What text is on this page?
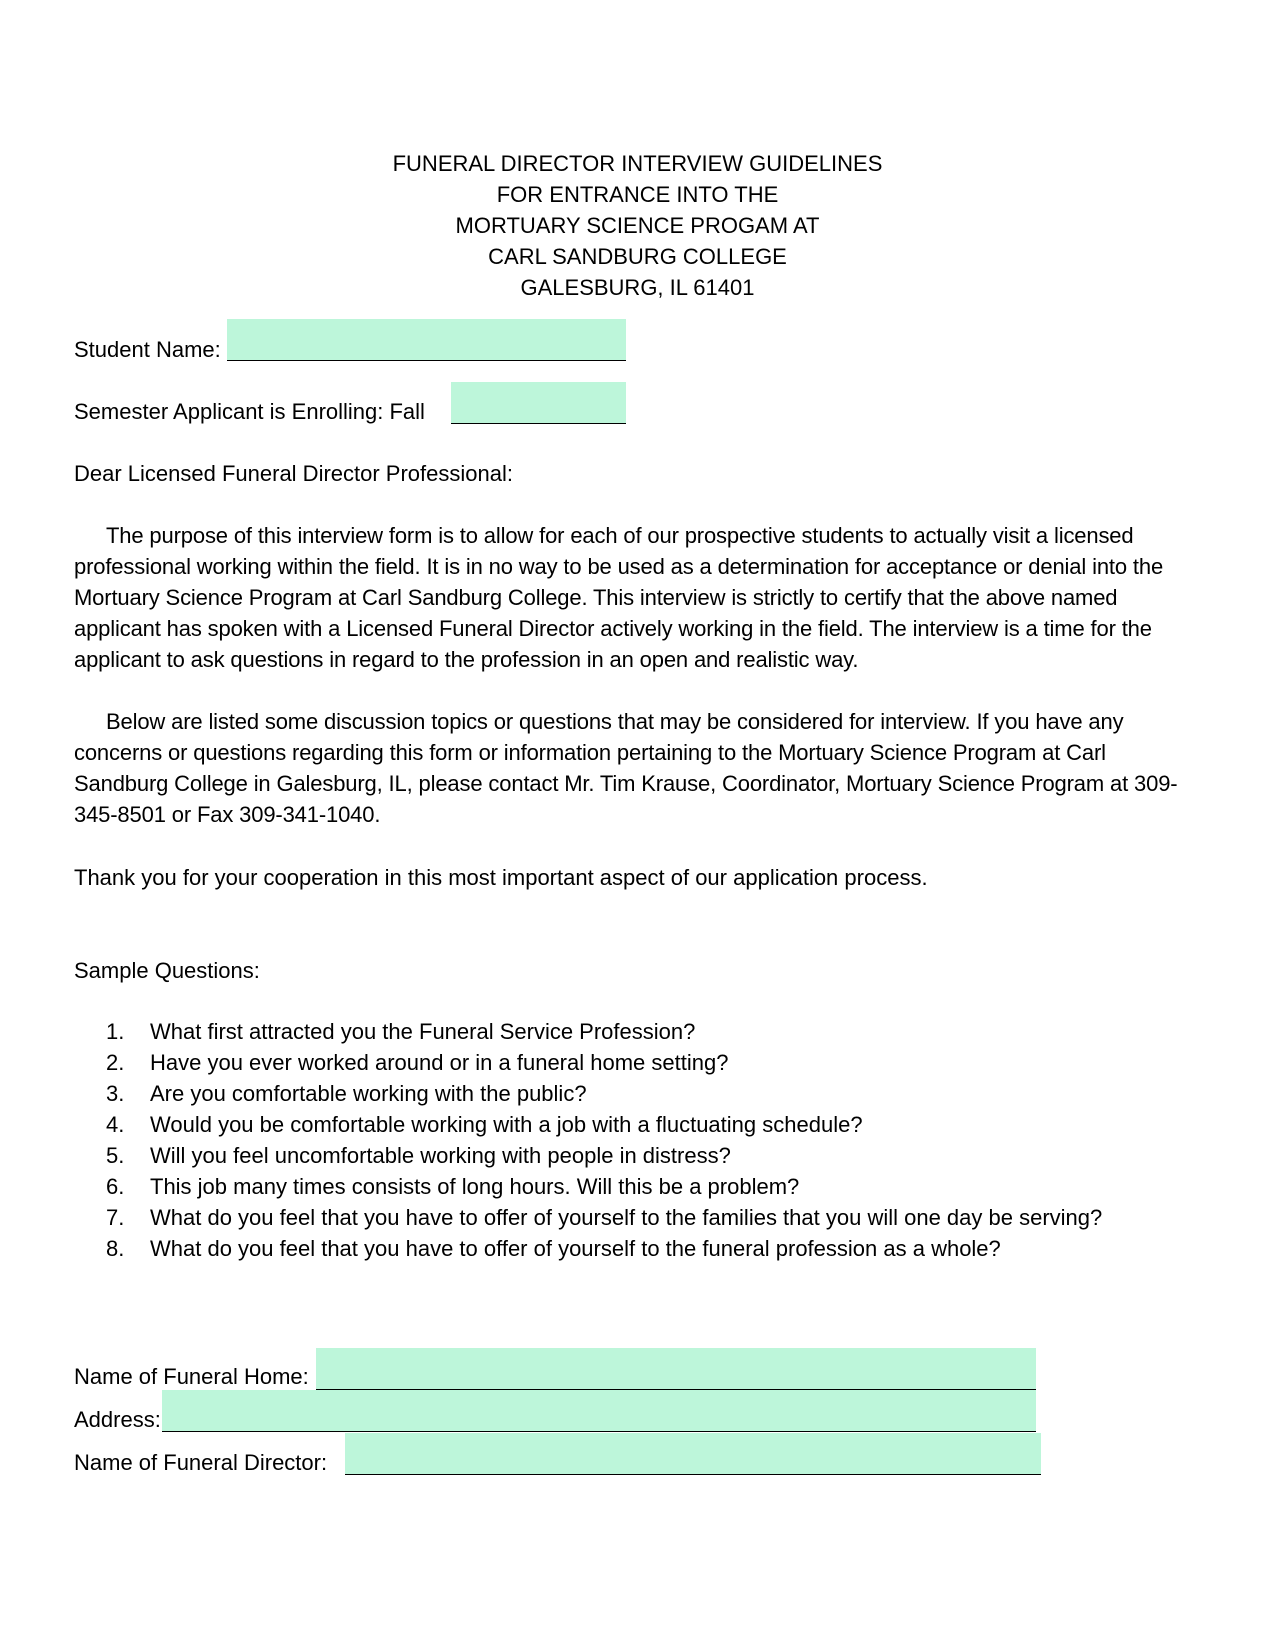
FUNERAL DIRECTOR INTERVIEW GUIDELINES
FOR ENTRANCE INTO THE
MORTUARY SCIENCE PROGAM AT
CARL SANDBURG COLLEGE
GALESBURG, IL 61401
Student Name:
Semester Applicant is Enrolling: Fall
Dear Licensed Funeral Director Professional:
The purpose of this interview form is to allow for each of our prospective students to actually visit a licensed professional working within the field. It is in no way to be used as a determination for acceptance or denial into the Mortuary Science Program at Carl Sandburg College. This interview is strictly to certify that the above named applicant has spoken with a Licensed Funeral Director actively working in the field. The interview is a time for the applicant to ask questions in regard to the profession in an open and realistic way.
Below are listed some discussion topics or questions that may be considered for interview. If you have any concerns or questions regarding this form or information pertaining to the Mortuary Science Program at Carl Sandburg College in Galesburg, IL, please contact Mr. Tim Krause, Coordinator, Mortuary Science Program at 309-345-8501 or Fax 309-341-1040.
Thank you for your cooperation in this most important aspect of our application process.
Sample Questions:
1.	What first attracted you the Funeral Service Profession?
2.	Have you ever worked around or in a funeral home setting?
3.	Are you comfortable working with the public?
4.	Would you be comfortable working with a job with a fluctuating schedule?
5.	Will you feel uncomfortable working with people in distress?
6.	This job many times consists of long hours. Will this be a problem?
7.	What do you feel that you have to offer of yourself to the families that you will one day be serving?
8.	What do you feel that you have to offer of yourself to the funeral profession as a whole?
Name of Funeral Home:
Address:
Name of Funeral Director:
